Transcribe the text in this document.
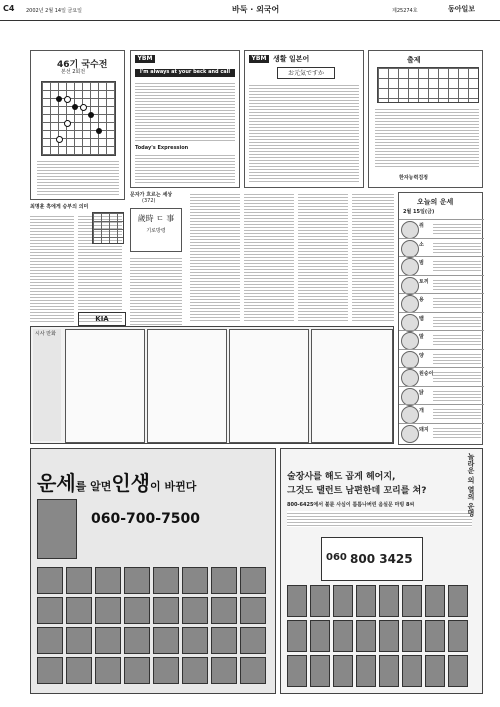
C4 2002년 2월 14일 금요일	바둑 · 외국어	제25274호	동아일보
46기 국수전
본선 2회전
최명훈 흑에게 승부의 의미
KIA
YBM
I'm always at your beck and call
Today's Expression
YBM 생활 일본어
お元気ですか
출제
한자능력검정
문자가 흐르는 세상
(372)
歲時 ㄷ 事
기로방령
오늘의 운세
2월 15일(금)
쥐
소
범
토끼
용
뱀
말
양
원숭이
닭
개
돼지
시사 만화
운세를 알면인생이 바뀐다
060-700-7500
술장사를 해도 곱게 헤어지,
그것도 탤런트 남편한데 꼬리를 쳐?
800-6425에서 불륜 사심이 틈틈나버린 음실문 마빙 8씨
060 800 3425
놀라운 의 열의 운명
